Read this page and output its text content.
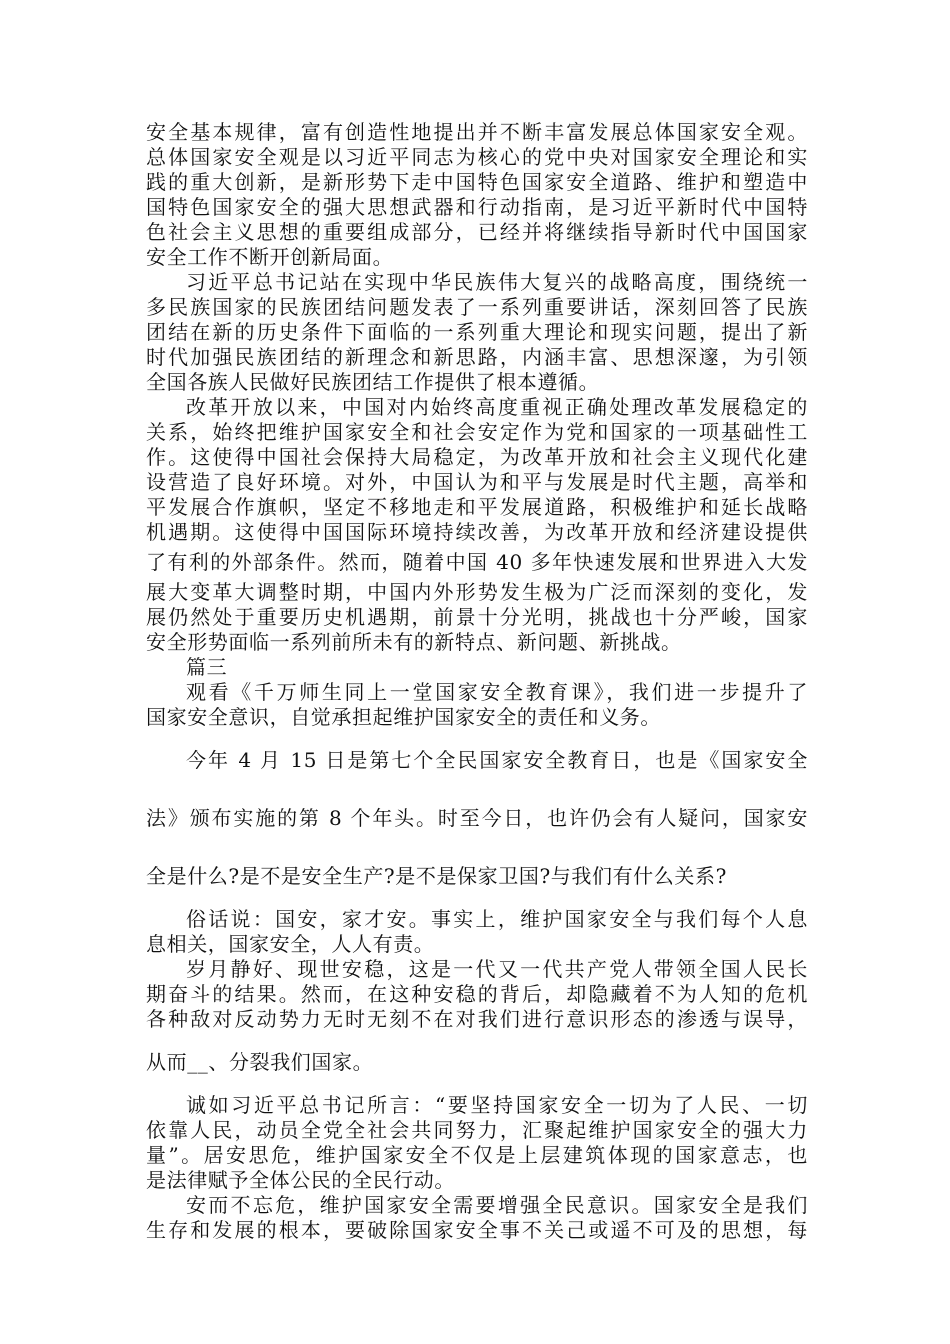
安全基本规律，富有创造性地提出并不断丰富发展总体国家安全观。
总体国家安全观是以习近平同志为核心的党中央对国家安全理论和实
践的重大创新，是新形势下走中国特色国家安全道路、维护和塑造中
国特色国家安全的强大思想武器和行动指南，是习近平新时代中国特
色社会主义思想的重要组成部分，已经并将继续指导新时代中国国家
安全工作不断开创新局面。
习近平总书记站在实现中华民族伟大复兴的战略高度，围绕统一
多民族国家的民族团结问题发表了一系列重要讲话，深刻回答了民族
团结在新的历史条件下面临的一系列重大理论和现实问题，提出了新
时代加强民族团结的新理念和新思路，内涵丰富、思想深邃，为引领
全国各族人民做好民族团结工作提供了根本遵循。
改革开放以来，中国对内始终高度重视正确处理改革发展稳定的
关系，始终把维护国家安全和社会安定作为党和国家的一项基础性工
作。这使得中国社会保持大局稳定，为改革开放和社会主义现代化建
设营造了良好环境。对外，中国认为和平与发展是时代主题，高举和
平发展合作旗帜，坚定不移地走和平发展道路，积极维护和延长战略
机遇期。这使得中国国际环境持续改善，为改革开放和经济建设提供
了有利的外部条件。然而，随着中国 40 多年快速发展和世界进入大发
展大变革大调整时期，中国内外形势发生极为广泛而深刻的变化，发
展仍然处于重要历史机遇期，前景十分光明，挑战也十分严峻，国家
安全形势面临一系列前所未有的新特点、新问题、新挑战。
篇三
观看《千万师生同上一堂国家安全教育课》，我们进一步提升了
国家安全意识，自觉承担起维护国家安全的责任和义务。
今年 4 月 15 日是第七个全民国家安全教育日，也是《国家安全
法》颁布实施的第 8 个年头。时至今日，也许仍会有人疑问，国家安
全是什么?是不是安全生产?是不是保家卫国?与我们有什么关系?
俗话说：国安，家才安。事实上，维护国家安全与我们每个人息
息相关，国家安全，人人有责。
岁月静好、现世安稳，这是一代又一代共产党人带领全国人民长
期奋斗的结果。然而，在这种安稳的背后，却隐藏着不为人知的危机
各种敌对反动势力无时无刻不在对我们进行意识形态的渗透与误导，
从而__、分裂我们国家。
诚如习近平总书记所言：“要坚持国家安全一切为了人民、一切
依靠人民，动员全党全社会共同努力，汇聚起维护国家安全的强大力
量”。居安思危，维护国家安全不仅是上层建筑体现的国家意志，也
是法律赋予全体公民的全民行动。
安而不忘危，维护国家安全需要增强全民意识。国家安全是我们
生存和发展的根本，要破除国家安全事不关己或遥不可及的思想，每
